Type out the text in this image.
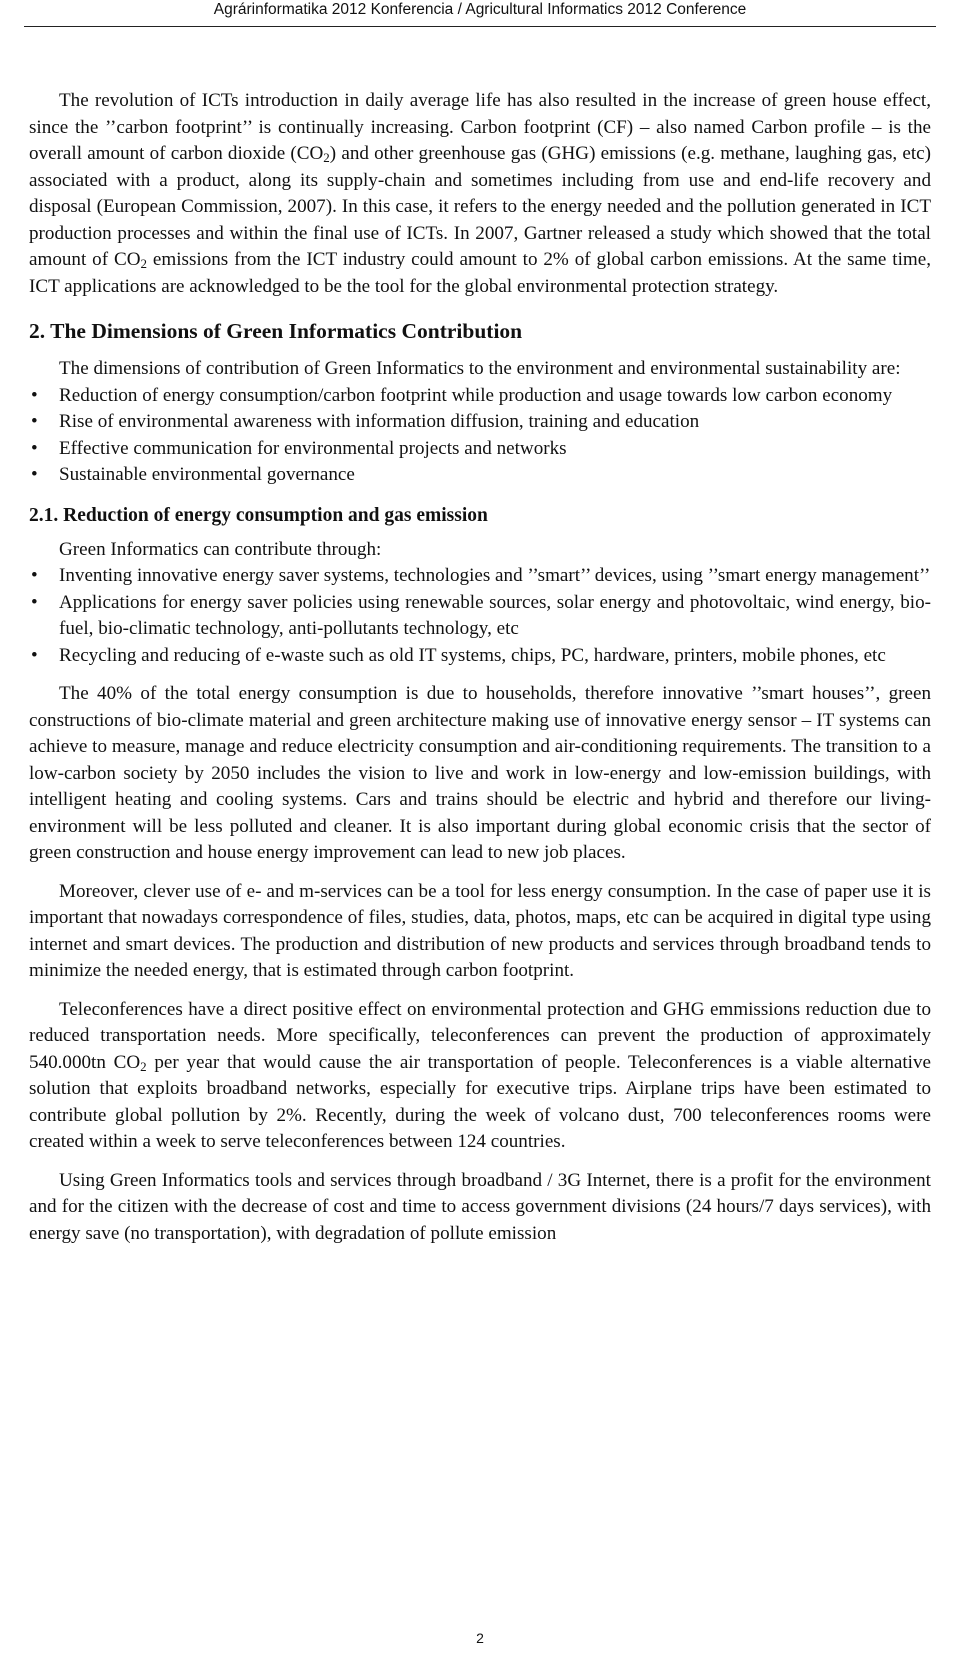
Agrárinformatika 2012 Konferencia / Agricultural Informatics 2012 Conference

The revolution of ICTs introduction in daily average life has also resulted in the increase of green house effect, since the ’’carbon footprint’’ is continually increasing. Carbon footprint (CF) – also named Carbon profile – is the overall amount of carbon dioxide $(CO_2)$ and other greenhouse gas (GHG) emissions (e.g. methane, laughing gas, etc) associated with a product, along its supply-chain and sometimes including from use and end-life recovery and disposal (European Commission, 2007). In this case, it refers to the energy needed and the pollution generated in ICT production processes and within the final use of ICTs. In 2007, Gartner released a study which showed that the total amount of $CO_2$ emissions from the ICT industry could amount to 2% of global carbon emissions. At the same time, ICT applications are acknowledged to be the tool for the global environmental protection strategy.

2. The Dimensions of Green Informatics Contribution

The dimensions of contribution of Green Informatics to the environment and environmental sustainability are:

• Reduction of energy consumption/carbon footprint while production and usage towards low carbon economy
• Rise of environmental awareness with information diffusion, training and education
• Effective communication for environmental projects and networks
• Sustainable environmental governance
2.1. Reduction of energy consumption and gas emission

Green Informatics can contribute through:

• Inventing innovative energy saver systems, technologies and ’’smart’’ devices, using ’’smart energy management’’
• Applications for energy saver policies using renewable sources, solar energy and photovoltaic, wind energy, bio-fuel, bio-climatic technology, anti-pollutants technology, etc
• Recycling and reducing of e-waste such as old IT systems, chips, PC, hardware, printers, mobile phones, etc

The 40% of the total energy consumption is due to households, therefore innovative ’’smart houses’’, green constructions of bio-climate material and green architecture making use of innovative energy sensor – IT systems can achieve to measure, manage and reduce electricity consumption and air-conditioning requirements. The transition to a low-carbon society by 2050 includes the vision to live and work in low-energy and low-emission buildings, with intelligent heating and cooling systems. Cars and trains should be electric and hybrid and therefore our living-environment will be less polluted and cleaner. It is also important during global economic crisis that the sector of green construction and house energy improvement can lead to new job places.

Moreover, clever use of e- and m-services can be a tool for less energy consumption. In the case of paper use it is important that nowadays correspondence of files, studies, data, photos, maps, etc can be acquired in digital type using internet and smart devices. The production and distribution of new products and services through broadband tends to minimize the needed energy, that is estimated through carbon footprint.

Teleconferences have a direct positive effect on environmental protection and GHG emmissions reduction due to reduced transportation needs. More specifically, teleconferences can prevent the production of approximately 540.000tn $CO_2$ per year that would cause the air transportation of people. Teleconferences is a viable alternative solution that exploits broadband networks, especially for executive trips. Airplane trips have been estimated to contribute global pollution by 2%. Recently, during the week of volcano dust, 700 teleconferences rooms were created within a week to serve teleconferences between 124 countries.

Using Green Informatics tools and services through broadband / 3G Internet, there is a profit for the environment and for the citizen with the decrease of cost and time to access government divisions (24 hours/7 days services), with energy save (no transportation), with degradation of pollute emission

2
